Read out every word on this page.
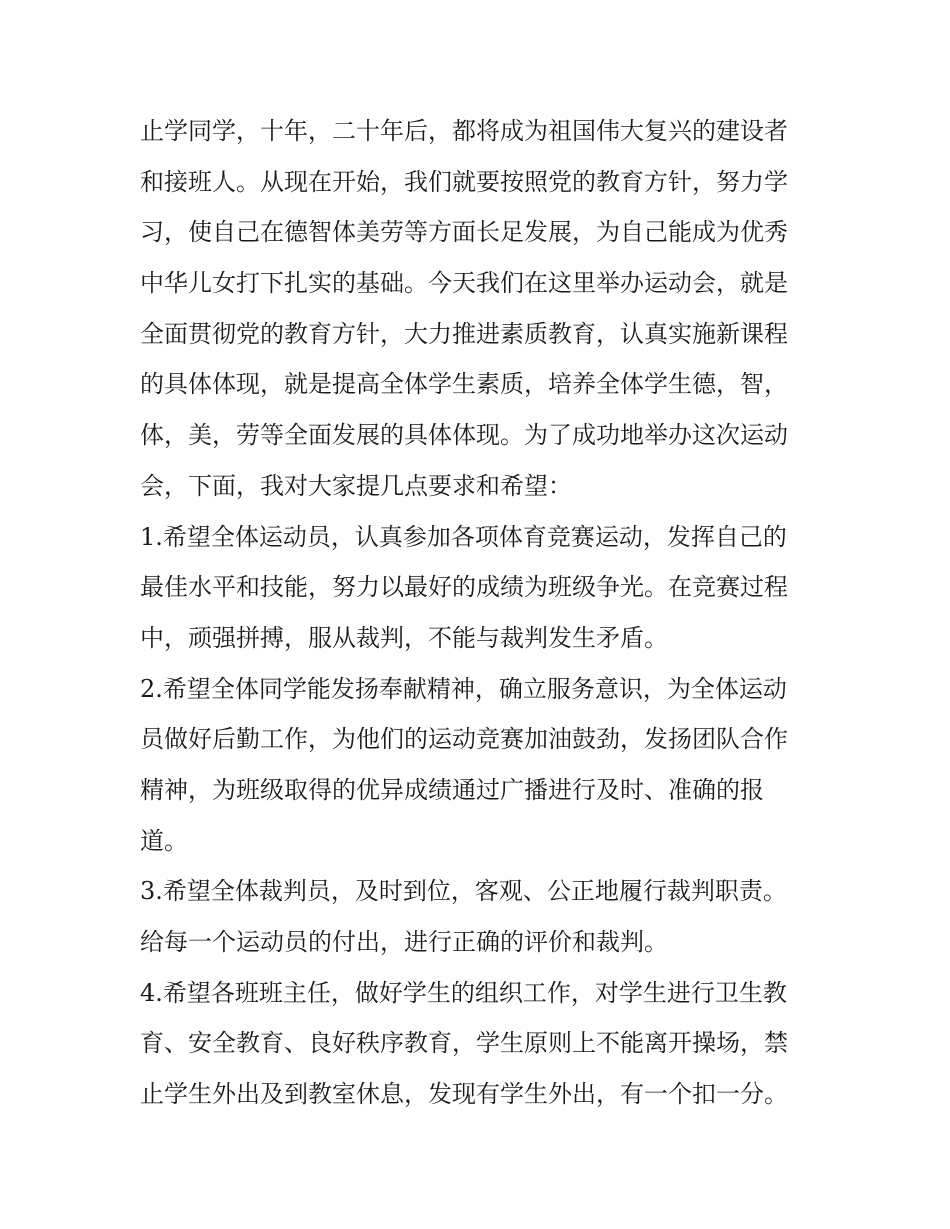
止学同学，十年，二十年后，都将成为祖国伟大复兴的建设者
和接班人。从现在开始，我们就要按照党的教育方针，努力学
习，使自己在德智体美劳等方面长足发展，为自己能成为优秀
中华儿女打下扎实的基础。今天我们在这里举办运动会，就是
全面贯彻党的教育方针，大力推进素质教育，认真实施新课程
的具体体现，就是提高全体学生素质，培养全体学生德，智，
体，美，劳等全面发展的具体体现。为了成功地举办这次运动
会，下面，我对大家提几点要求和希望：
1.希望全体运动员，认真参加各项体育竞赛运动，发挥自己的
最佳水平和技能，努力以最好的成绩为班级争光。在竞赛过程
中，顽强拼搏，服从裁判，不能与裁判发生矛盾。
2.希望全体同学能发扬奉献精神，确立服务意识，为全体运动
员做好后勤工作，为他们的运动竞赛加油鼓劲，发扬团队合作
精神，为班级取得的优异成绩通过广播进行及时、准确的报
道。
3.希望全体裁判员，及时到位，客观、公正地履行裁判职责。
给每一个运动员的付出，进行正确的评价和裁判。
4.希望各班班主任，做好学生的组织工作，对学生进行卫生教
育、安全教育、良好秩序教育，学生原则上不能离开操场，禁
止学生外出及到教室休息，发现有学生外出，有一个扣一分。
